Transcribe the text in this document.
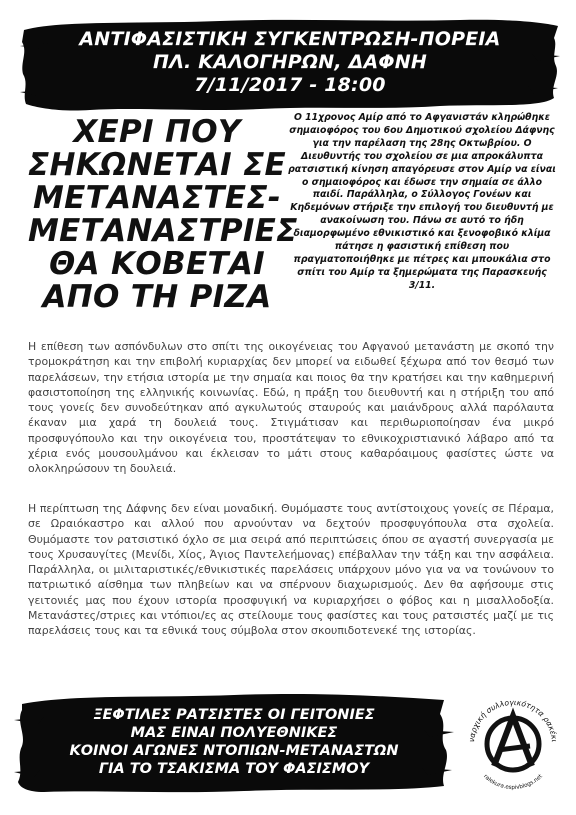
ΑΝΤΙΦΑΣΙΣΤΙΚΗ ΣΥΓΚΕΝΤΡΩΣΗ-ΠΟΡΕΙΑ
ΠΛ. ΚΑΛΟΓΗΡΩΝ, ΔΑΦΝΗ
7/11/2017 - 18:00
ΧΕΡΙ ΠΟΥ
ΣΗΚΩΝΕΤΑΙ ΣΕ
ΜΕΤΑΝΑΣΤΕΣ-
ΜΕΤΑΝΑΣΤΡΙΕΣ
ΘΑ ΚΟΒΕΤΑΙ
ΑΠΟ ΤΗ ΡΙΖΑ
Ο 11χρονος Αμίρ από το Αφγανιστάν κληρώθηκε σημαιοφόρος του 6ου Δημοτικού σχολείου Δάφνης για την παρέλαση της 28ης Οκτωβρίου. Ο Διευθυντής του σχολείου σε μια απροκάλυπτα ρατσιστική κίνηση απαγόρευσε στον Αμίρ να είναι ο σημαιοφόρος και έδωσε την σημαία σε άλλο παιδί. Παράλληλα, ο Σύλλογος Γονέων και Κηδεμόνων στήριξε την επιλογή του διευθυντή με ανακοίνωση του. Πάνω σε αυτό το ήδη διαμορφωμένο εθνικιστικό και ξενοφοβικό κλίμα πάτησε η φασιστική επίθεση που πραγματοποιήθηκε με πέτρες και μπουκάλια στο σπίτι του Αμίρ τα ξημερώματα της Παρασκευής 3/11.
Η επίθεση των ασπόνδυλων στο σπίτι της οικογένειας του Αφγανού μετανάστη με σκοπό την τρομοκράτηση και την επιβολή κυριαρχίας δεν μπορεί να ειδωθεί ξέχωρα από τον θεσμό των παρελάσεων, την ετήσια ιστορία με την σημαία και ποιος θα την κρατήσει και την καθημερινή φασιστοποίηση της ελληνικής κοινωνίας. Εδώ, η πράξη του διευθυντή και η στήριξη του από τους γονείς δεν συνοδεύτηκαν από αγκυλωτούς σταυρούς και μαιάνδρους αλλά παρόλαυτα έκαναν μια χαρά τη δουλειά τους. Στιγμάτισαν και περιθωριοποίησαν ένα μικρό προσφυγόπουλο και την οικογένεια του, προστάτεψαν το εθνικοχριστιανικό λάβαρο από τα χέρια ενός μουσουλμάνου και έκλεισαν το μάτι στους καθαρόαιμους φασίστες ώστε να ολοκληρώσουν τη δουλειά.
Η περίπτωση της Δάφνης δεν είναι μοναδική. Θυμόμαστε τους αντίστοιχους γονείς σε Πέραμα, σε Ωραιόκαστρο και αλλού που αρνούνταν να δεχτούν προσφυγόπουλα στα σχολεία. Θυμόμαστε τον ρατσιστικό όχλο σε μια σειρά από περιπτώσεις όπου σε αγαστή συνεργασία με τους Χρυσαυγίτες (Μενίδι, Χίος, Άγιος Παντελεήμονας) επέβαλλαν την τάξη και την ασφάλεια. Παράλληλα, οι μιλιταριστικές/εθνικιστικές παρελάσεις υπάρχουν μόνο για να να τονώνουν το πατριωτικό αίσθημα των πληβείων και να σπέρνουν διαχωρισμούς. Δεν θα αφήσουμε στις γειτονιές μας που έχουν ιστορία προσφυγική να κυριαρχήσει ο φόβος και η μισαλλοδοξία. Μετανάστες/στριες και ντόπιοι/ες ας στείλουμε τους φασίστες και τους ρατσιστές μαζί με τις παρελάσεις τους και τα εθνικά τους σύμβολα στον σκουπιδοτενεκέ της ιστορίας.
ΞΕΦΤΙΛΕΣ ΡΑΤΣΙΣΤΕΣ ΟΙ ΓΕΙΤΟΝΙΕΣ
ΜΑΣ ΕΙΝΑΙ ΠΟΛΥΕΘΝΙΚΕΣ
ΚΟΙΝΟΙ ΑΓΩΝΕΣ ΝΤΟΠΙΩΝ-ΜΕΤΑΝΑΣΤΩΝ
ΓΙΑ ΤΟ ΤΣΑΚΙΣΜΑ ΤΟΥ ΦΑΣΙΣΜΟΥ
ναρχική συλλογικότητα ρακέκι
ralekura.espivblogs.net
